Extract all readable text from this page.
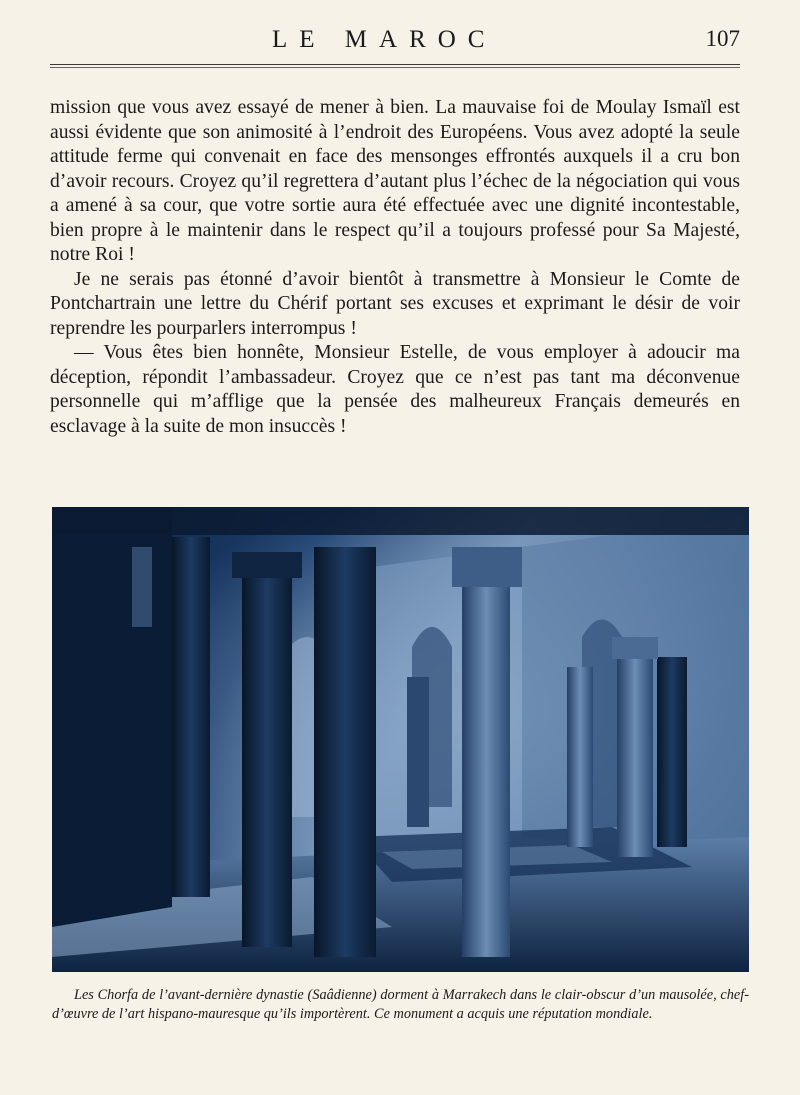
LE MAROC	107

mission que vous avez essayé de mener à bien. La mauvaise foi de Moulay Ismaïl est aussi évidente que son animosité à l’endroit des Européens. Vous avez adopté la seule attitude ferme qui convenait en face des mensonges effrontés auxquels il a cru bon d’avoir recours. Croyez qu’il regrettera d’autant plus l’échec de la négociation qui vous a amené à sa cour, que votre sortie aura été effectuée avec une dignité incontestable, bien propre à le maintenir dans le respect qu’il a toujours professé pour Sa Majesté, notre Roi !

Je ne serais pas étonné d’avoir bientôt à transmettre à Monsieur le Comte de Pontchartrain une lettre du Chérif portant ses excuses et exprimant le désir de voir reprendre les pourparlers interrompus !

— Vous êtes bien honnête, Monsieur Estelle, de vous employer à adoucir ma déception, répondit l’ambassadeur. Croyez que ce n’est pas tant ma déconvenue personnelle qui m’afflige que la pensée des malheureux Français demeurés en esclavage à la suite de mon insuccès !

Les Chorfa de l’avant-dernière dynastie (Saâdienne) dorment à Marrakech dans le clair-obscur d’un mausolée, chef-d’œuvre de l’art hispano-mauresque qu’ils importèrent. Ce monument a acquis une réputation mondiale.
